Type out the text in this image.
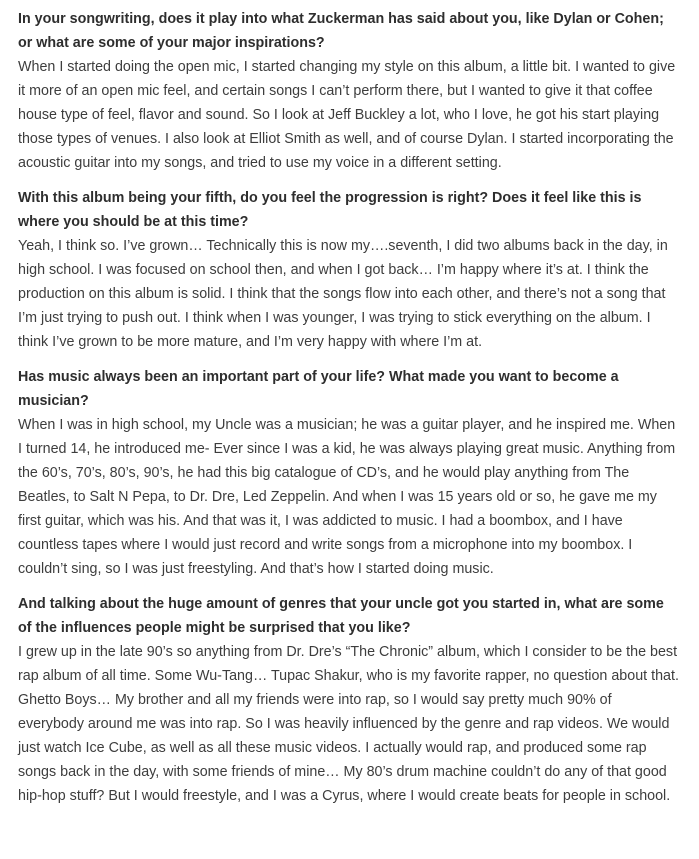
In your songwriting, does it play into what Zuckerman has said about you, like Dylan or Cohen; or what are some of your major inspirations?

When I started doing the open mic, I started changing my style on this album, a little bit. I wanted to give it more of an open mic feel, and certain songs I can’t perform there, but I wanted to give it that coffee house type of feel, flavor and sound. So I look at Jeff Buckley a lot, who I love, he got his start playing those types of venues. I also look at Elliot Smith as well, and of course Dylan. I started incorporating the acoustic guitar into my songs, and tried to use my voice in a different setting.

With this album being your fifth, do you feel the progression is right? Does it feel like this is where you should be at this time?

Yeah, I think so. I’ve grown… Technically this is now my….seventh, I did two albums back in the day, in high school. I was focused on school then, and when I got back… I’m happy where it’s at. I think the production on this album is solid. I think that the songs flow into each other, and there’s not a song that I’m just trying to push out. I think when I was younger, I was trying to stick everything on the album. I think I’ve grown to be more mature, and I’m very happy with where I’m at.

Has music always been an important part of your life? What made you want to become a musician?

When I was in high school, my Uncle was a musician; he was a guitar player, and he inspired me. When I turned 14, he introduced me- Ever since I was a kid, he was always playing great music. Anything from the 60’s, 70’s, 80’s, 90’s, he had this big catalogue of CD’s, and he would play anything from The Beatles, to Salt N Pepa, to Dr. Dre, Led Zeppelin. And when I was 15 years old or so, he gave me my first guitar, which was his. And that was it, I was addicted to music. I had a boombox, and I have countless tapes where I would just record and write songs from a microphone into my boombox. I couldn’t sing, so I was just freestyling. And that’s how I started doing music.

And talking about the huge amount of genres that your uncle got you started in, what are some of the influences people might be surprised that you like?

I grew up in the late 90’s so anything from Dr. Dre’s “The Chronic” album, which I consider to be the best rap album of all time. Some Wu-Tang… Tupac Shakur, who is my favorite rapper, no question about that. Ghetto Boys… My brother and all my friends were into rap, so I would say pretty much 90% of everybody around me was into rap. So I was heavily influenced by the genre and rap videos. We would just watch Ice Cube, as well as all these music videos. I actually would rap, and produced some rap songs back in the day, with some friends of mine… My 80’s drum machine couldn’t do any of that good hip-hop stuff? But I would freestyle, and I was a Cyrus, where I would create beats for people in school.
